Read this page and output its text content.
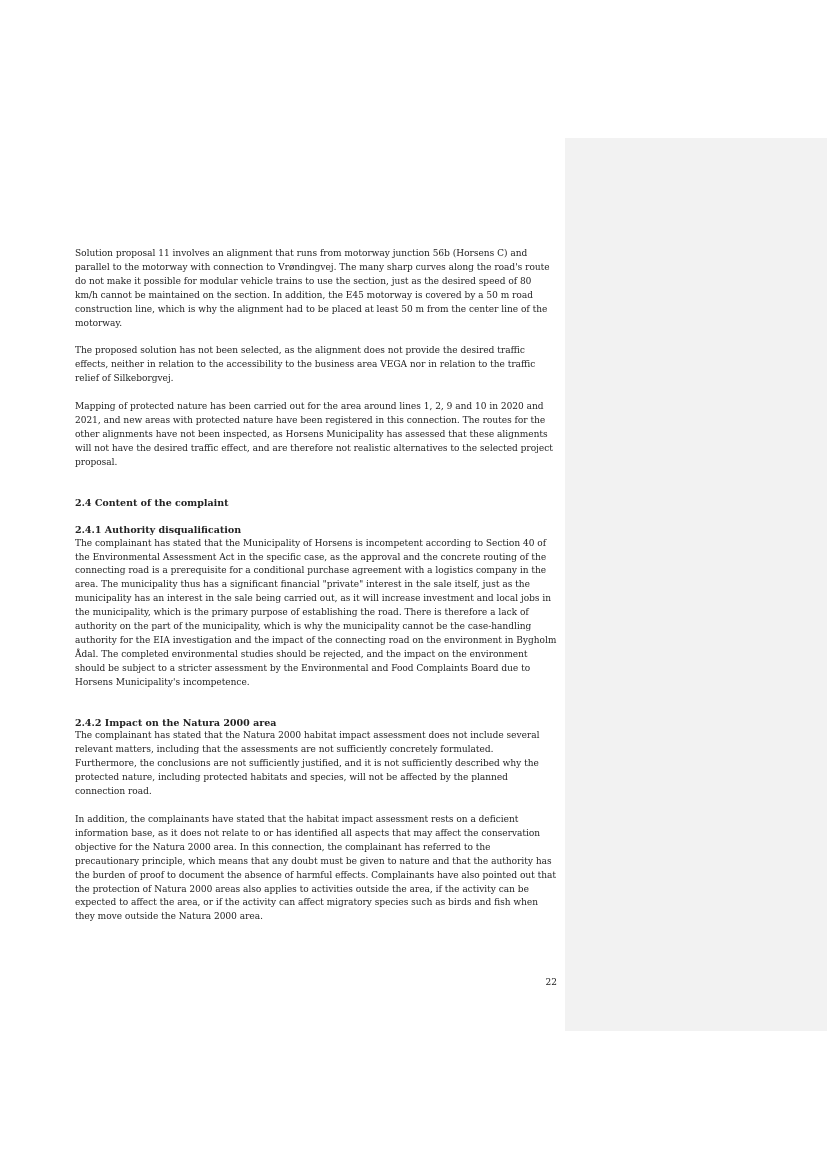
Solution proposal 11 involves an alignment that runs from motorway junction 56b (Horsens C) and parallel to the motorway with connection to Vrøndingvej. The many sharp curves along the road's route do not make it possible for modular vehicle trains to use the section, just as the desired speed of 80 km/h cannot be maintained on the section. In addition, the E45 motorway is covered by a 50 m road construction line, which is why the alignment had to be placed at least 50 m from the center line of the motorway.

The proposed solution has not been selected, as the alignment does not provide the desired traffic effects, neither in relation to the accessibility to the business area VEGA nor in relation to the traffic relief of Silkeborgvej.

Mapping of protected nature has been carried out for the area around lines 1, 2, 9 and 10 in 2020 and 2021, and new areas with protected nature have been registered in this connection. The routes for the other alignments have not been inspected, as Horsens Municipality has assessed that these alignments will not have the desired traffic effect, and are therefore not realistic alternatives to the selected project proposal.

2.4 Content of the complaint
2.4.1 Authority disqualification

The complainant has stated that the Municipality of Horsens is incompetent according to Section 40 of the Environmental Assessment Act in the specific case, as the approval and the concrete routing of the connecting road is a prerequisite for a conditional purchase agreement with a logistics company in the area. The municipality thus has a significant financial "private" interest in the sale itself, just as the municipality has an interest in the sale being carried out, as it will increase investment and local jobs in the municipality, which is the primary purpose of establishing the road. There is therefore a lack of authority on the part of the municipality, which is why the municipality cannot be the case-handling authority for the EIA investigation and the impact of the connecting road on the environment in Bygholm Ådal. The completed environmental studies should be rejected, and the impact on the environment should be subject to a stricter assessment by the Environmental and Food Complaints Board due to Horsens Municipality's incompetence.

2.4.2 Impact on the Natura 2000 area

The complainant has stated that the Natura 2000 habitat impact assessment does not include several relevant matters, including that the assessments are not sufficiently concretely formulated. Furthermore, the conclusions are not sufficiently justified, and it is not sufficiently described why the protected nature, including protected habitats and species, will not be affected by the planned connection road.

In addition, the complainants have stated that the habitat impact assessment rests on a deficient information base, as it does not relate to or has identified all aspects that may affect the conservation objective for the Natura 2000 area. In this connection, the complainant has referred to the precautionary principle, which means that any doubt must be given to nature and that the authority has the burden of proof to document the absence of harmful effects. Complainants have also pointed out that the protection of Natura 2000 areas also applies to activities outside the area, if the activity can be expected to affect the area, or if the activity can affect migratory species such as birds and fish when they move outside the Natura 2000 area.

22
